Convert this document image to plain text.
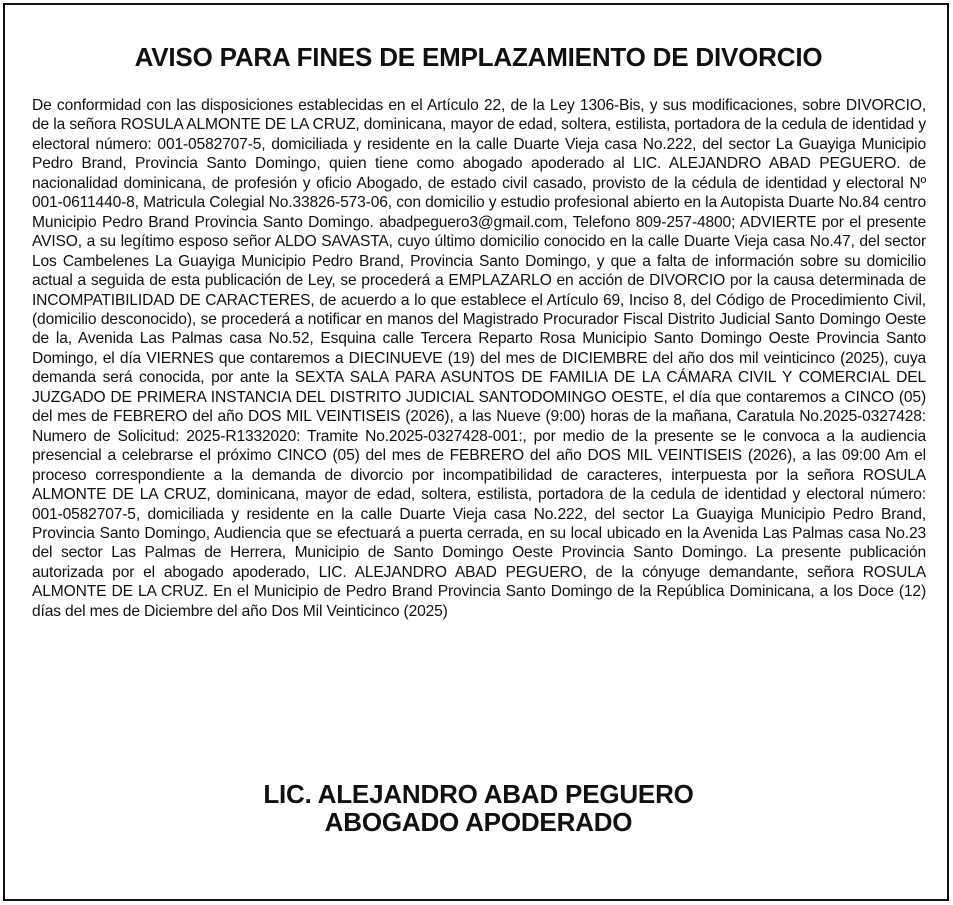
AVISO PARA FINES DE EMPLAZAMIENTO DE DIVORCIO
De conformidad con las disposiciones establecidas en el Artículo 22, de la Ley 1306-Bis, y sus modificaciones, sobre DIVORCIO, de la señora ROSULA ALMONTE DE LA CRUZ, dominicana, mayor de edad, soltera, estilista, portadora de la cedula de identidad y electoral número: 001-0582707-5, domiciliada y residente en la calle Duarte Vieja casa No.222, del sector La Guayiga Municipio Pedro Brand, Provincia Santo Domingo, quien tiene como abogado apoderado al LIC. ALEJANDRO ABAD PEGUERO. de nacionalidad dominicana, de profesión y oficio Abogado, de estado civil casado, provisto de la cédula de identidad y electoral Nº 001-0611440-8, Matricula Colegial No.33826-573-06, con domicilio y estudio profesional abierto en la Autopista Duarte No.84 centro Municipio Pedro Brand Provincia Santo Domingo. abadpeguero3@gmail.com, Telefono 809-257-4800; ADVIERTE por el presente AVISO, a su legítimo esposo señor ALDO SAVASTA, cuyo último domicilio conocido en la calle Duarte Vieja casa No.47, del sector Los Cambelenes La Guayiga Municipio Pedro Brand, Provincia Santo Domingo, y que a falta de información sobre su domicilio actual a seguida de esta publicación de Ley, se procederá a EMPLAZARLO en acción de DIVORCIO por la causa determinada de INCOMPATIBILIDAD DE CARACTERES, de acuerdo a lo que establece el Artículo 69, Inciso 8, del Código de Procedimiento Civil, (domicilio desconocido), se procederá a notificar en manos del Magistrado Procurador Fiscal Distrito Judicial Santo Domingo Oeste de la, Avenida Las Palmas casa No.52, Esquina calle Tercera Reparto Rosa Municipio Santo Domingo Oeste Provincia Santo Domingo, el día VIERNES que contaremos a DIECINUEVE (19) del mes de DICIEMBRE del año dos mil veinticinco (2025), cuya demanda será conocida, por ante la SEXTA SALA PARA ASUNTOS DE FAMILIA DE LA CÁMARA CIVIL Y COMERCIAL DEL JUZGADO DE PRIMERA INSTANCIA DEL DISTRITO JUDICIAL SANTODOMINGO OESTE, el día que contaremos a CINCO (05) del mes de FEBRERO del año DOS MIL VEINTISEIS (2026), a las Nueve (9:00) horas de la mañana, Caratula No.2025-0327428: Numero de Solicitud: 2025-R1332020: Tramite No.2025-0327428-001:, por medio de la presente se le convoca a la audiencia presencial a celebrarse el próximo CINCO (05) del mes de FEBRERO del año DOS MIL VEINTISEIS (2026), a las 09:00 Am el proceso correspondiente a la demanda de divorcio por incompatibilidad de caracteres, interpuesta por la señora ROSULA ALMONTE DE LA CRUZ, dominicana, mayor de edad, soltera, estilista, portadora de la cedula de identidad y electoral número: 001-0582707-5, domiciliada y residente en la calle Duarte Vieja casa No.222, del sector La Guayiga Municipio Pedro Brand, Provincia Santo Domingo, Audiencia que se efectuará a puerta cerrada, en su local ubicado en la Avenida Las Palmas casa No.23 del sector Las Palmas de Herrera, Municipio de Santo Domingo Oeste Provincia Santo Domingo. La presente publicación autorizada por el abogado apoderado, LIC. ALEJANDRO ABAD PEGUERO, de la cónyuge demandante, señora ROSULA ALMONTE DE LA CRUZ. En el Municipio de Pedro Brand Provincia Santo Domingo de la República Dominicana, a los Doce (12) días del mes de Diciembre del año Dos Mil Veinticinco (2025)
LIC. ALEJANDRO ABAD PEGUERO
ABOGADO APODERADO
